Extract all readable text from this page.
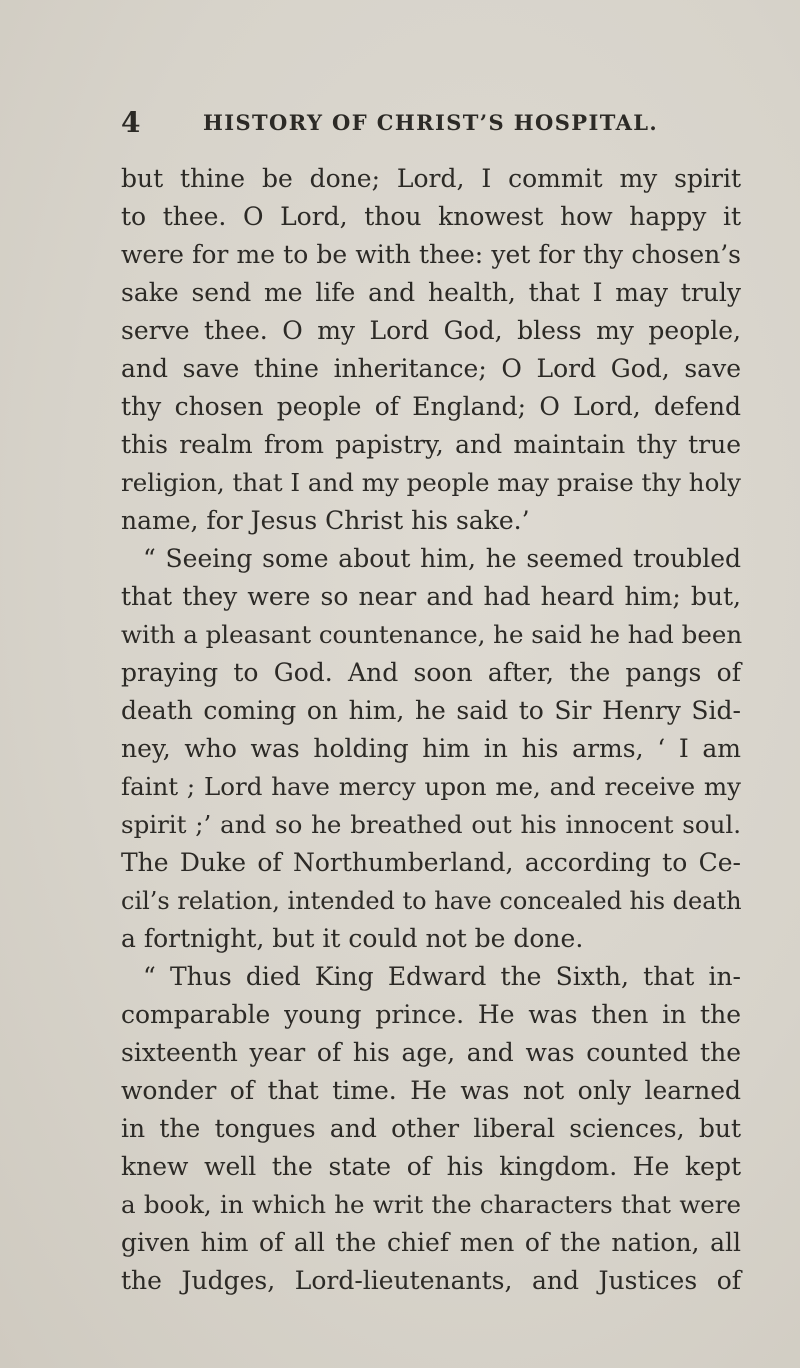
4	HISTORY OF CHRIST’S HOSPITAL.
but thine be done; Lord, I commit my spirit
to thee. O Lord, thou knowest how happy it
were for me to be with thee: yet for thy chosen’s
sake send me life and health, that I may truly
serve thee. O my Lord God, bless my people,
and save thine inheritance; O Lord God, save
thy chosen people of England; O Lord, defend
this realm from papistry, and maintain thy true
religion, that I and my people may praise thy holy
name, for Jesus Christ his sake.’
“ Seeing some about him, he seemed troubled
that they were so near and had heard him; but,
with a pleasant countenance, he said he had been
praying to God. And soon after, the pangs of
death coming on him, he said to Sir Henry Sid-
ney, who was holding him in his arms, ‘ I am
faint ; Lord have mercy upon me, and receive my
spirit ;’ and so he breathed out his innocent soul.
The Duke of Northumberland, according to Ce-
cil’s relation, intended to have concealed his death
a fortnight, but it could not be done.
“ Thus died King Edward the Sixth, that in-
comparable young prince. He was then in the
sixteenth year of his age, and was counted the
wonder of that time. He was not only learned
in the tongues and other liberal sciences, but
knew well the state of his kingdom. He kept
a book, in which he writ the characters that were
given him of all the chief men of the nation, all
the Judges, Lord-lieutenants, and Justices of
